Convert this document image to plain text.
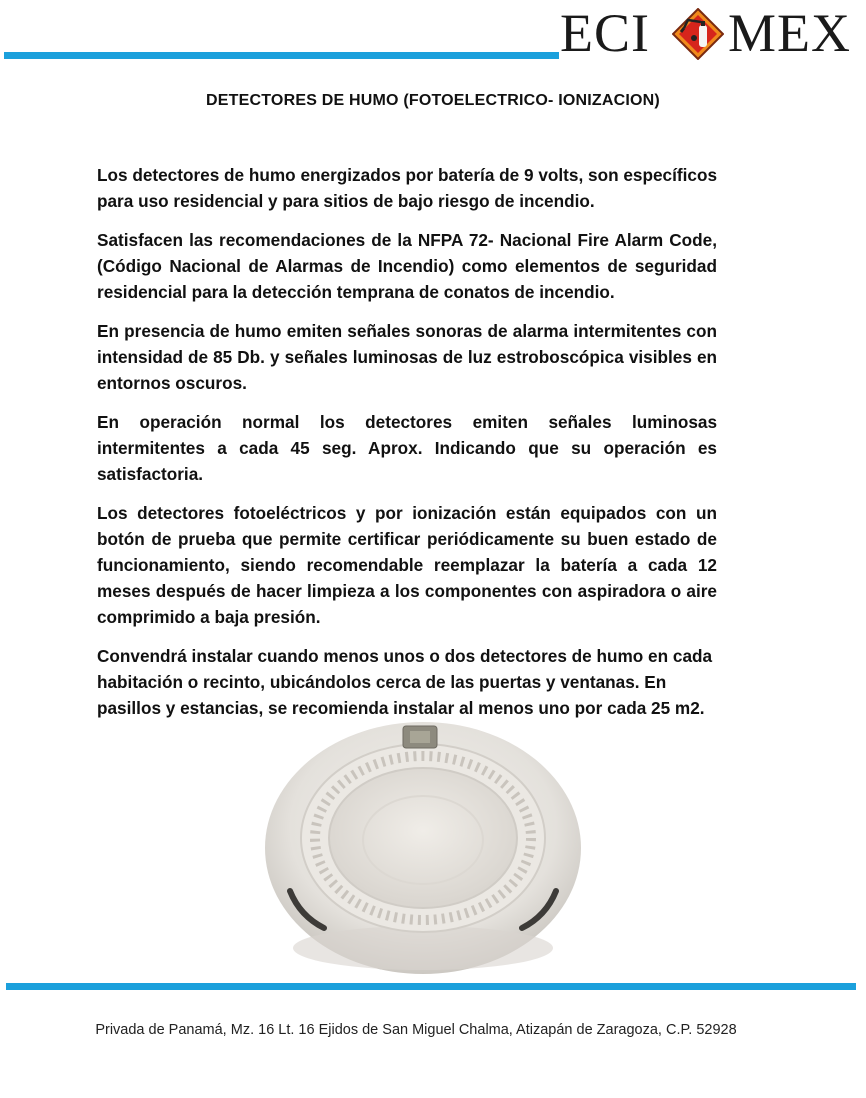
ECI MEX
DETECTORES DE HUMO (FOTOELECTRICO- IONIZACION)

Los detectores de humo energizados por batería de 9 volts, son específicos para uso residencial y para sitios de bajo riesgo de incendio.

Satisfacen las recomendaciones de la NFPA 72- Nacional Fire Alarm Code, (Código Nacional de Alarmas de Incendio) como elementos de seguridad residencial para la detección temprana de conatos de incendio.

En presencia de humo emiten señales sonoras de alarma intermitentes con intensidad de 85 Db. y señales luminosas de luz estroboscópica visibles en entornos oscuros.

En operación normal los detectores emiten señales luminosas intermitentes a cada 45 seg. Aprox. Indicando que su operación es satisfactoria.

Los detectores fotoeléctricos y por ionización están equipados con un botón de prueba que permite certificar periódicamente su buen estado de funcionamiento, siendo recomendable reemplazar la batería a cada 12 meses después de hacer limpieza a los componentes con aspiradora o aire comprimido a baja presión.

Convendrá instalar cuando menos unos o dos detectores de humo en cada habitación o recinto, ubicándolos cerca de las puertas y ventanas. En pasillos y estancias, se recomienda instalar al menos uno por cada 25 m2.

Privada de Panamá, Mz. 16 Lt. 16 Ejidos de San Miguel Chalma, Atizapán de Zaragoza, C.P. 52928
